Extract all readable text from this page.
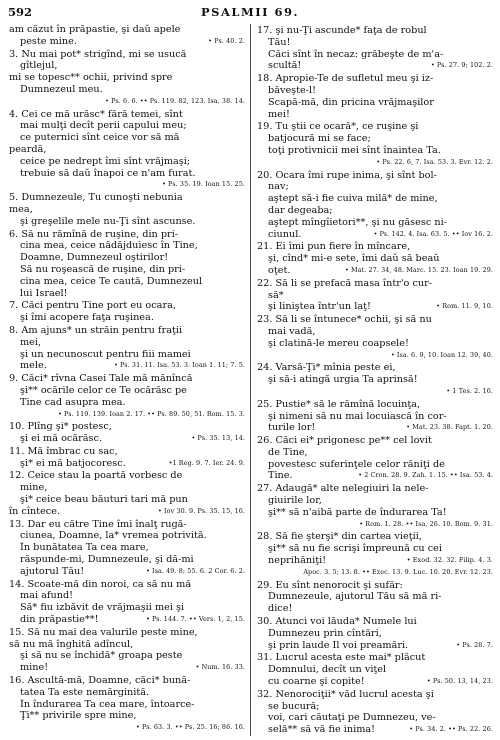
592	PSALMII 69.
am căzut în prăpastie, şi daŭ apele
peste mine.	• Ps. 40. 2.
3. Nu mai pot* strigînd, mi se usucă
gîtlejul,
mi se topesc** ochii, privind spre
Dumnezeul meu.
• Ps. 6. 6. •• Ps. 119. 82, 123. Isa. 38. 14.
4. Cei ce mă urăsc* fără temei, sînt
mai mulţi decît perii capului meu;
ce puternici sînt ceice vor să mă
peardă,
ceice pe nedrept îmi sînt vrăjmaşi;
trebuie să daŭ înapoi ce n'am furat.
• Ps. 35. 19. Ioan 15. 25.
5. Dumnezeule, Tu cunoşti nebunia
mea,
şi greşelile mele nu-Ţi sînt ascunse.
6. Să nu rămînă de ruşine, din pri-
cina mea, ceice nădăjduiesc în Tine,
Doamne, Dumnezeul oştirilor!
Să nu roşească de ruşine, din pri-
cina mea, ceice Te caută, Dumnezeul
lui Israel!
7. Căci pentru Tine port eu ocara,
şi îmi acopere faţa ruşinea.
8. Am ajuns* un străin pentru fraţii
mei,
şi un necunoscut pentru fiii mamei
mele.	• Ps. 31. 11. Isa. 53. 3. Ioan 1. 11; 7. 5.
9. Căci* rîvna Casei Tale mă mănîncă
şi** ocările celor ce Te ocărăsc pe
Tine cad asupra mea.
• Ps. 119. 139. Ioan 2. 17. •• Ps. 89. 50, 51. Rom. 15. 3.
10. Plîng şi* postesc,
şi ei mă ocărăsc.	• Ps. 35. 13, 14.
11. Mă îmbrac cu sac,
şi* ei mă batjocoresc.	•1 Reg. 9. 7. Ier. 24. 9.
12. Ceice stau la poartă vorbesc de
mine,
şi* ceice beau băuturi tari mă pun
în cîntece.	• Iov 30. 9. Ps. 35. 15, 16.
13. Dar eu către Tine îmi înalţ rugă-
ciunea, Doamne, la* vremea potrivită.
În bunătatea Ta cea mare,
răspunde-mi, Dumnezeule, şi dă-mi
ajutorul Tău!	• Isa. 49. 8; 55. 6. 2 Cor. 6. 2.
14. Scoate-mă din noroi, ca să nu mă
mai afund!
Să* fiu izbăvit de vrăjmaşii mei şi
din prăpastie**!	• Ps. 144. 7. •• Vers. 1, 2, 15.
15. Să nu mai dea valurile peste mine,
să nu mă înghită adîncul,
şi să nu se închidă* groapa peste
mine!	• Num. 16. 33.
16. Ascultă-mă, Doamne, căci* bună-
tatea Ta este nemărginită.
În îndurarea Ta cea mare, întoarce-
Ţi** privirile spre mine,
• Ps. 63. 3. •• Ps. 25. 16; 86. 16.
17. şi nu-Ţi ascunde* faţa de robul
Tău!
Căci sînt în necaz: grăbeşte de m'a-
scultă!	• Ps. 27. 9; 102. 2.
18. Apropie-Te de sufletul meu şi iz-
băveşte-l!
Scapă-mă, din pricina vrăjmaşilor
mei!
19. Tu ştii ce ocară*, ce ruşine şi
batjocură mi se face;
toţi protivnicii mei sînt înaintea Ta.
• Ps. 22. 6, 7. Isa. 53. 3. Evr. 12. 2.
20. Ocara îmi rupe inima, şi sînt bol-
nav;
aştept să-i fie cuiva milă* de mine,
dar degeaba;
aştept mîngîietori**, şi nu găsesc ni-
ciunul.	• Ps. 142. 4. Isa. 63. 5. •• Iov 16. 2.
21. Ei îmi pun fiere în mîncare,
şi, cînd* mi-e sete, îmi daŭ să beaŭ
oţet.	• Mat. 27. 34, 48. Marc. 15. 23. Ioan 19. 29.
22. Să li se prefacă masa într'o cur-
să*
şi liniştea într'un laţ!	• Rom. 11. 9, 10.
23. Să li se întunece* ochii, şi să nu
mai vadă,
şi clatină-le mereu coapsele!
• Isa. 6. 9, 10. Ioan 12. 39, 40.
24. Varsă-Ţi* mînia peste ei,
şi să-i atingă urgia Ta aprinsă!
• 1 Tes. 2. 16.
25. Pustie* să le rămînă locuinţa,
şi nimeni să nu mai locuiască în cor-
turile lor!	• Mat. 23. 38. Fapt. 1. 20.
26. Căci ei* prigonesc pe** cel lovit
de Tine,
povestesc suferinţele celor răniţi de
Tine.	• 2 Cron. 28. 9. Zah. 1. 15. •• Isa. 53. 4.
27. Adaugă* alte nelegiuiri la nele-
giuirile lor,
şi** să n'aibă parte de îndurarea Ta!
• Rom. 1. 28. •• Isa. 26. 10. Rom. 9. 31.
28. Să fie şterşi* din cartea vieţii,
şi** să nu fie scrişi împreună cu cei
neprihăniţi!	• Exod. 32. 32. Filip. 4. 3.
Apoc. 3. 5; 13. 8. •• Ezec. 13. 9. Luc. 10. 20. Evr. 12. 23.
29. Eu sînt nenorocit şi sufăr:
Dumnezeule, ajutorul Tău să mă ri-
dice!
30. Atunci voi lăuda* Numele lui
Dumnezeu prin cîntări,
şi prin laude Il voi preamări.	• Ps. 28. 7.
31. Lucrul acesta este mai* plăcut
Domnului, decît un viţel
cu coarne şi copite!	• Ps. 50. 13, 14, 23.
32. Nenorociţii* văd lucrul acesta şi
se bucură;
voi, cari căutaţi pe Dumnezeu, ve-
selă** să vă fie inima!	• Ps. 34. 2. •• Ps. 22. 26.
